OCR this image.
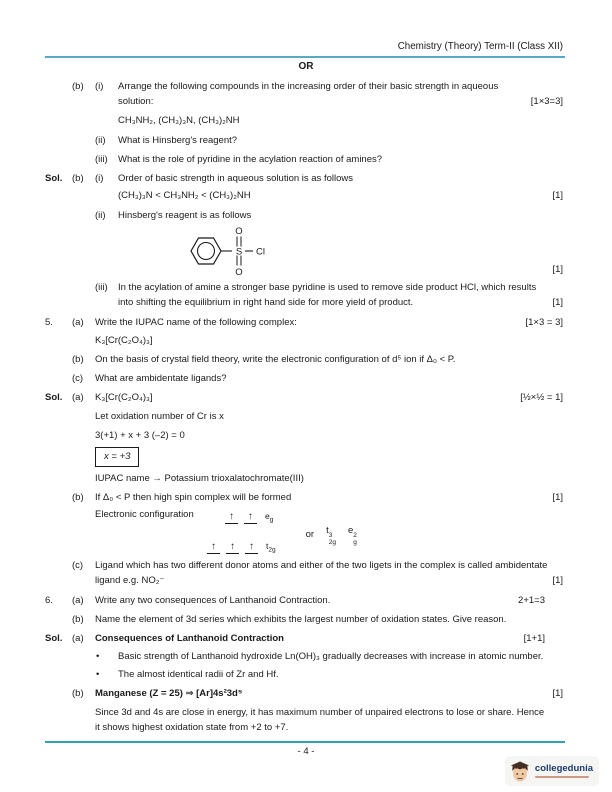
Chemistry (Theory) Term-II (Class XII)
OR
(b)	(i)	Arrange the following compounds in the increasing order of their basic strength in aqueous
solution:	[1×3=3]
CH₃NH₂, (CH₃)₃N, (CH₃)₂NH
(ii)	What is Hinsberg's reagent?
(iii)	What is the role of pyridine in the acylation reaction of amines?
Sol.	(b)	(i)	Order of basic strength in aqueous solution is as follows
(CH₃)₃N < CH₃NH₂ < (CH₃)₂NH	[1]
(ii)	Hinsberg's reagent is as follows
S
O
O
Cl
[1]
(iii)	In the acylation of amine a stronger base pyridine is used to remove side product HCl, which results
into shifting the equilibrium in right hand side for more yield of product.	[1]
5.	(a)	Write the IUPAC name of the following complex:	[1×3 = 3]
K₃[Cr(C₂O₄)₃]
(b)	On the basis of crystal field theory, write the electronic configuration of d⁵ ion if Δ₀ < P.
(c)	What are ambidentate ligands?
Sol.	(a)	K₃[Cr(C₂O₄)₃]	[½×½ = 1]
Let oxidation number of Cr is x
3(+1) + x + 3 (–2) = 0
x = +3
IUPAC name → Potassium trioxalatochromate(III)
(b)	If Δ₀ < P then high spin complex will be formed	[1]
Electronic configuration	↑	↑	$e_g$
↑	↑	↑	$t_{2g}$
or t 3
2g
e 2
g
(c)	Ligand which has two different donor atoms and either of the two ligets in the complex is called ambidentate
ligand e.g. NO₂⁻	[1]
6.	(a)	Write any two consequences of Lanthanoid Contraction.	2+1=3
(b)	Name the element of 3d series which exhibits the largest number of oxidation states. Give reason.
Sol.	(a)	Consequences of Lanthanoid Contraction	[1+1]
•	Basic strength of Lanthanoid hydroxide Ln(OH)₃ gradually decreases with increase in atomic number.
•	The almost identical radii of Zr and Hf.
(b)	Manganese (Z = 25) ⇒ [Ar]4s²3d⁵	[1]
Since 3d and 4s are close in energy, it has maximum number of unpaired electrons to lose or share. Hence
it shows highest oxidation state from +2 to +7.
- 4 -
collegedunia
